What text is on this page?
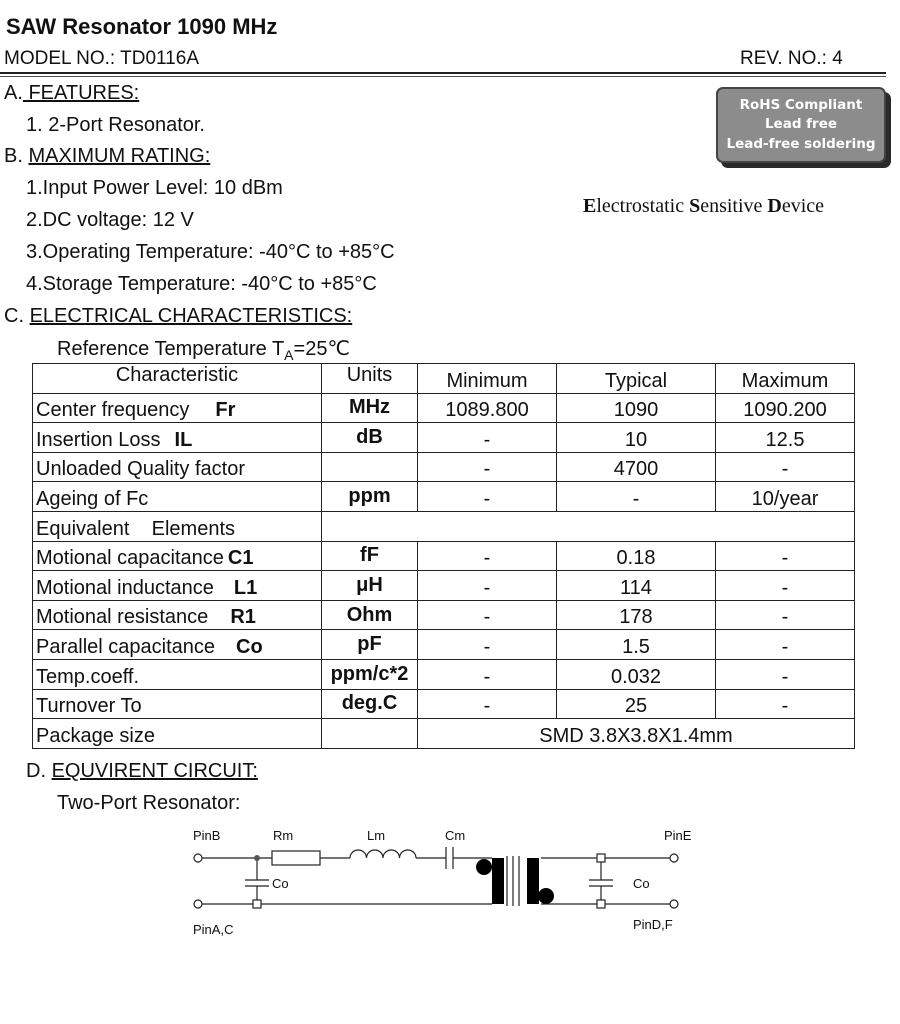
SAW Resonator 1090 MHz
MODEL NO.: TD0116A	REV. NO.: 4
RoHS Compliant
Lead free
Lead-free soldering
Electrostatic Sensitive Device
A. FEATURES:
1. 2-Port Resonator.
B. MAXIMUM RATING:
1.Input Power Level: 10 dBm
2.DC voltage: 12 V
3.Operating Temperature: -40°C to +85°C
4.Storage Temperature: -40°C to +85°C
C. ELECTRICAL CHARACTERISTICS:
Reference Temperature $T_A=25℃$
Characteristic	Units	Minimum	Typical	Maximum
Center frequency Fr	MHz	1089.800	1090	1090.200
Insertion Loss IL	dB	-	10	12.5
Unloaded Quality factor		-	4700	-
Ageing of Fc	ppm	-	-	10/year
Equivalent    Elements				
Motional capacitance C1	fF	-	0.18	-
Motional inductance L1	μH	-	114	-
Motional resistance R1	Ohm	-	178	-
Parallel capacitance Co	pF	-	1.5	-
Temp.coeff.	ppm/c*2	-	0.032	-
Turnover To	deg.C	-	25	-
Package size		SMD 3.8X3.8X1.4mm		
D. EQUVIRENT CIRCUIT:
Two-Port Resonator:
PinB
PinA,C
PinE
PinD,F
Rm	Lm	Cm
Co	Co
